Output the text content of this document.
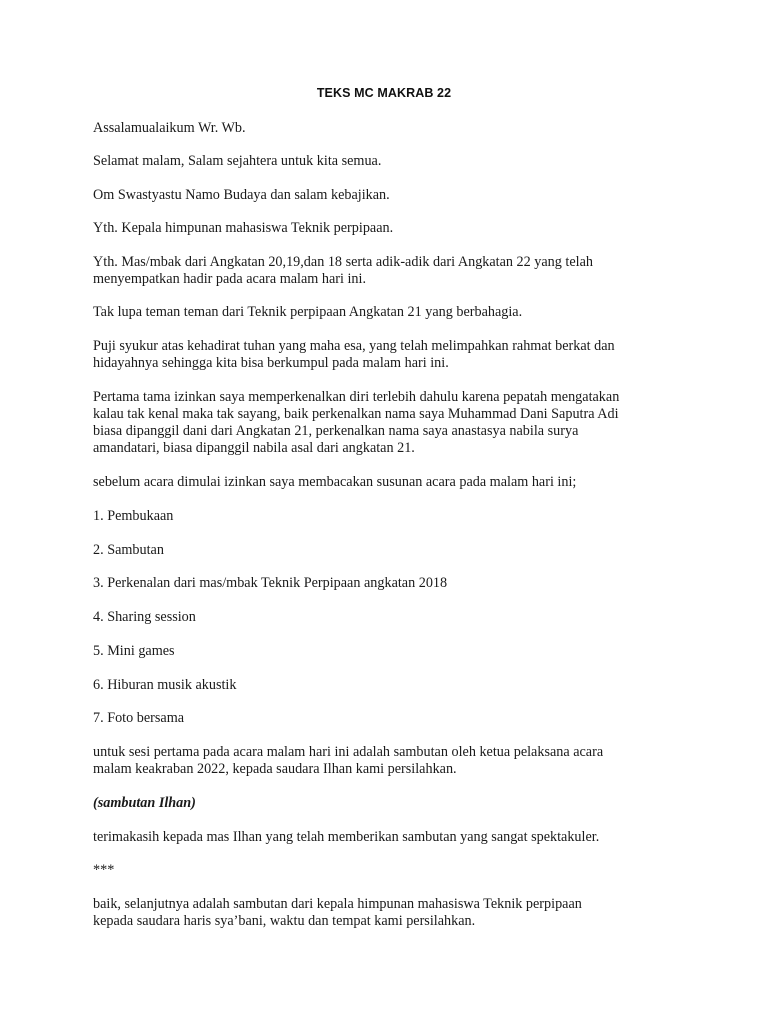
TEKS MC MAKRAB 22

Assalamualaikum Wr. Wb.

Selamat malam, Salam sejahtera untuk kita semua.

Om Swastyastu Namo Budaya dan salam kebajikan.

Yth. Kepala himpunan mahasiswa Teknik perpipaan.

Yth. Mas/mbak dari Angkatan 20,19,dan 18 serta adik-adik dari Angkatan 22 yang telah
menyempatkan hadir pada acara malam hari ini.

Tak lupa teman teman dari Teknik perpipaan Angkatan 21 yang berbahagia.

Puji syukur atas kehadirat tuhan yang maha esa, yang telah melimpahkan rahmat berkat dan
hidayahnya sehingga kita bisa berkumpul pada malam hari ini.

Pertama tama izinkan saya memperkenalkan diri terlebih dahulu karena pepatah mengatakan
kalau tak kenal maka tak sayang, baik perkenalkan nama saya Muhammad Dani Saputra Adi
biasa dipanggil dani dari Angkatan 21, perkenalkan nama saya anastasya nabila surya
amandatari, biasa dipanggil nabila asal dari angkatan 21.

sebelum acara dimulai izinkan saya membacakan susunan acara pada malam hari ini;

1. Pembukaan

2. Sambutan

3. Perkenalan dari mas/mbak Teknik Perpipaan angkatan 2018

4. Sharing session

5. Mini games

6. Hiburan musik akustik

7. Foto bersama

untuk sesi pertama pada acara malam hari ini adalah sambutan oleh ketua pelaksana acara
malam keakraban 2022, kepada saudara Ilhan kami persilahkan.

(sambutan Ilhan)

terimakasih kepada mas Ilhan yang telah memberikan sambutan yang sangat spektakuler.

***

baik, selanjutnya adalah sambutan dari kepala himpunan mahasiswa Teknik perpipaan
kepada saudara haris sya’bani, waktu dan tempat kami persilahkan.
